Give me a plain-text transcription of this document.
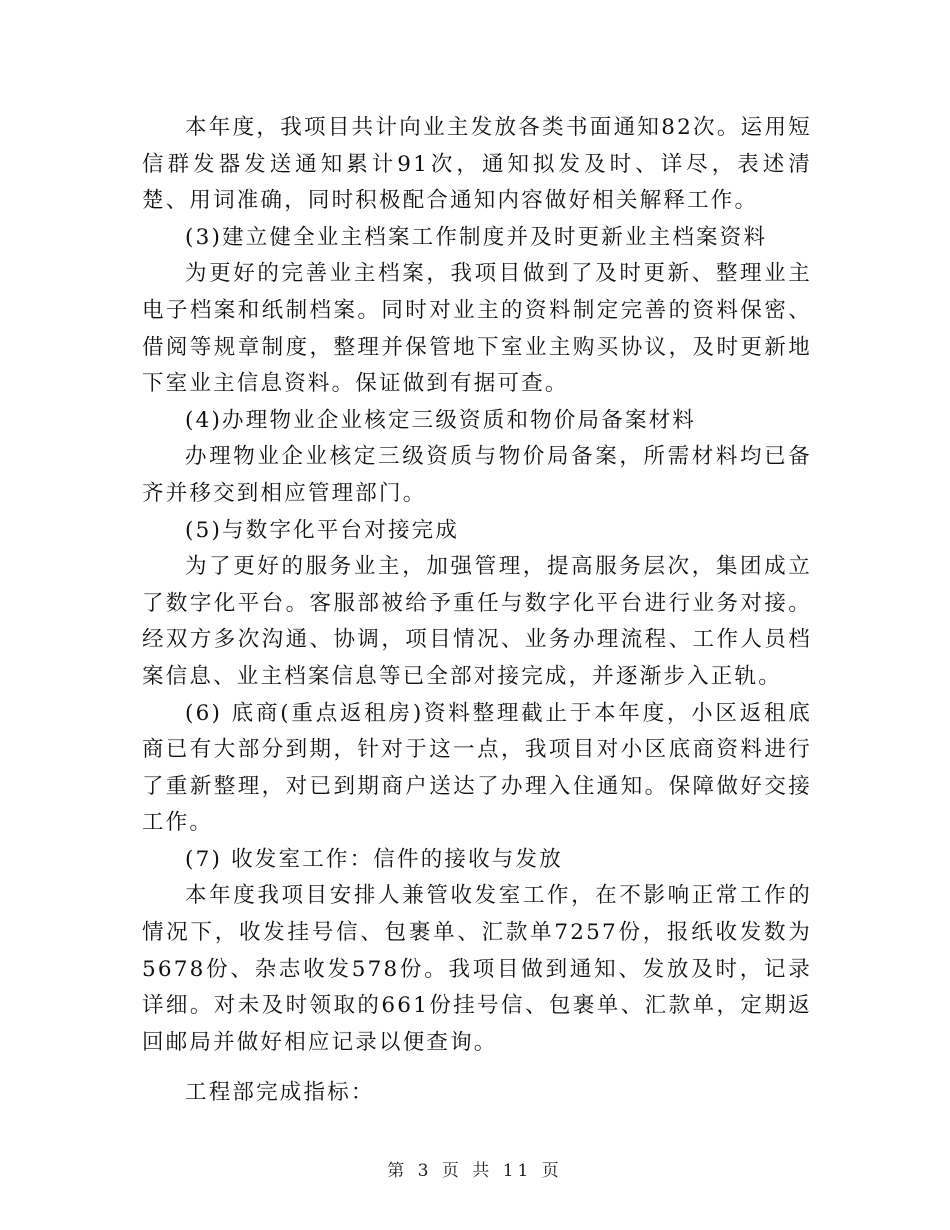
本年度，我项目共计向业主发放各类书面通知82次。运用短信群发器发送通知累计91次，通知拟发及时、详尽，表述清楚、用词准确，同时积极配合通知内容做好相关解释工作。

(3)建立健全业主档案工作制度并及时更新业主档案资料

为更好的完善业主档案，我项目做到了及时更新、整理业主电子档案和纸制档案。同时对业主的资料制定完善的资料保密、借阅等规章制度，整理并保管地下室业主购买协议，及时更新地下室业主信息资料。保证做到有据可查。

(4)办理物业企业核定三级资质和物价局备案材料

办理物业企业核定三级资质与物价局备案，所需材料均已备齐并移交到相应管理部门。

(5)与数字化平台对接完成

为了更好的服务业主，加强管理，提高服务层次，集团成立了数字化平台。客服部被给予重任与数字化平台进行业务对接。经双方多次沟通、协调，项目情况、业务办理流程、工作人员档案信息、业主档案信息等已全部对接完成，并逐渐步入正轨。

(6) 底商(重点返租房)资料整理截止于本年度，小区返租底商已有大部分到期，针对于这一点，我项目对小区底商资料进行了重新整理，对已到期商户送达了办理入住通知。保障做好交接工作。

(7) 收发室工作：信件的接收与发放

本年度我项目安排人兼管收发室工作，在不影响正常工作的情况下，收发挂号信、包裹单、汇款单7257份，报纸收发数为5678份、杂志收发578份。我项目做到通知、发放及时，记录详细。对未及时领取的661份挂号信、包裹单、汇款单，定期返回邮局并做好相应记录以便查询。

工程部完成指标：

第 3 页 共 11 页
